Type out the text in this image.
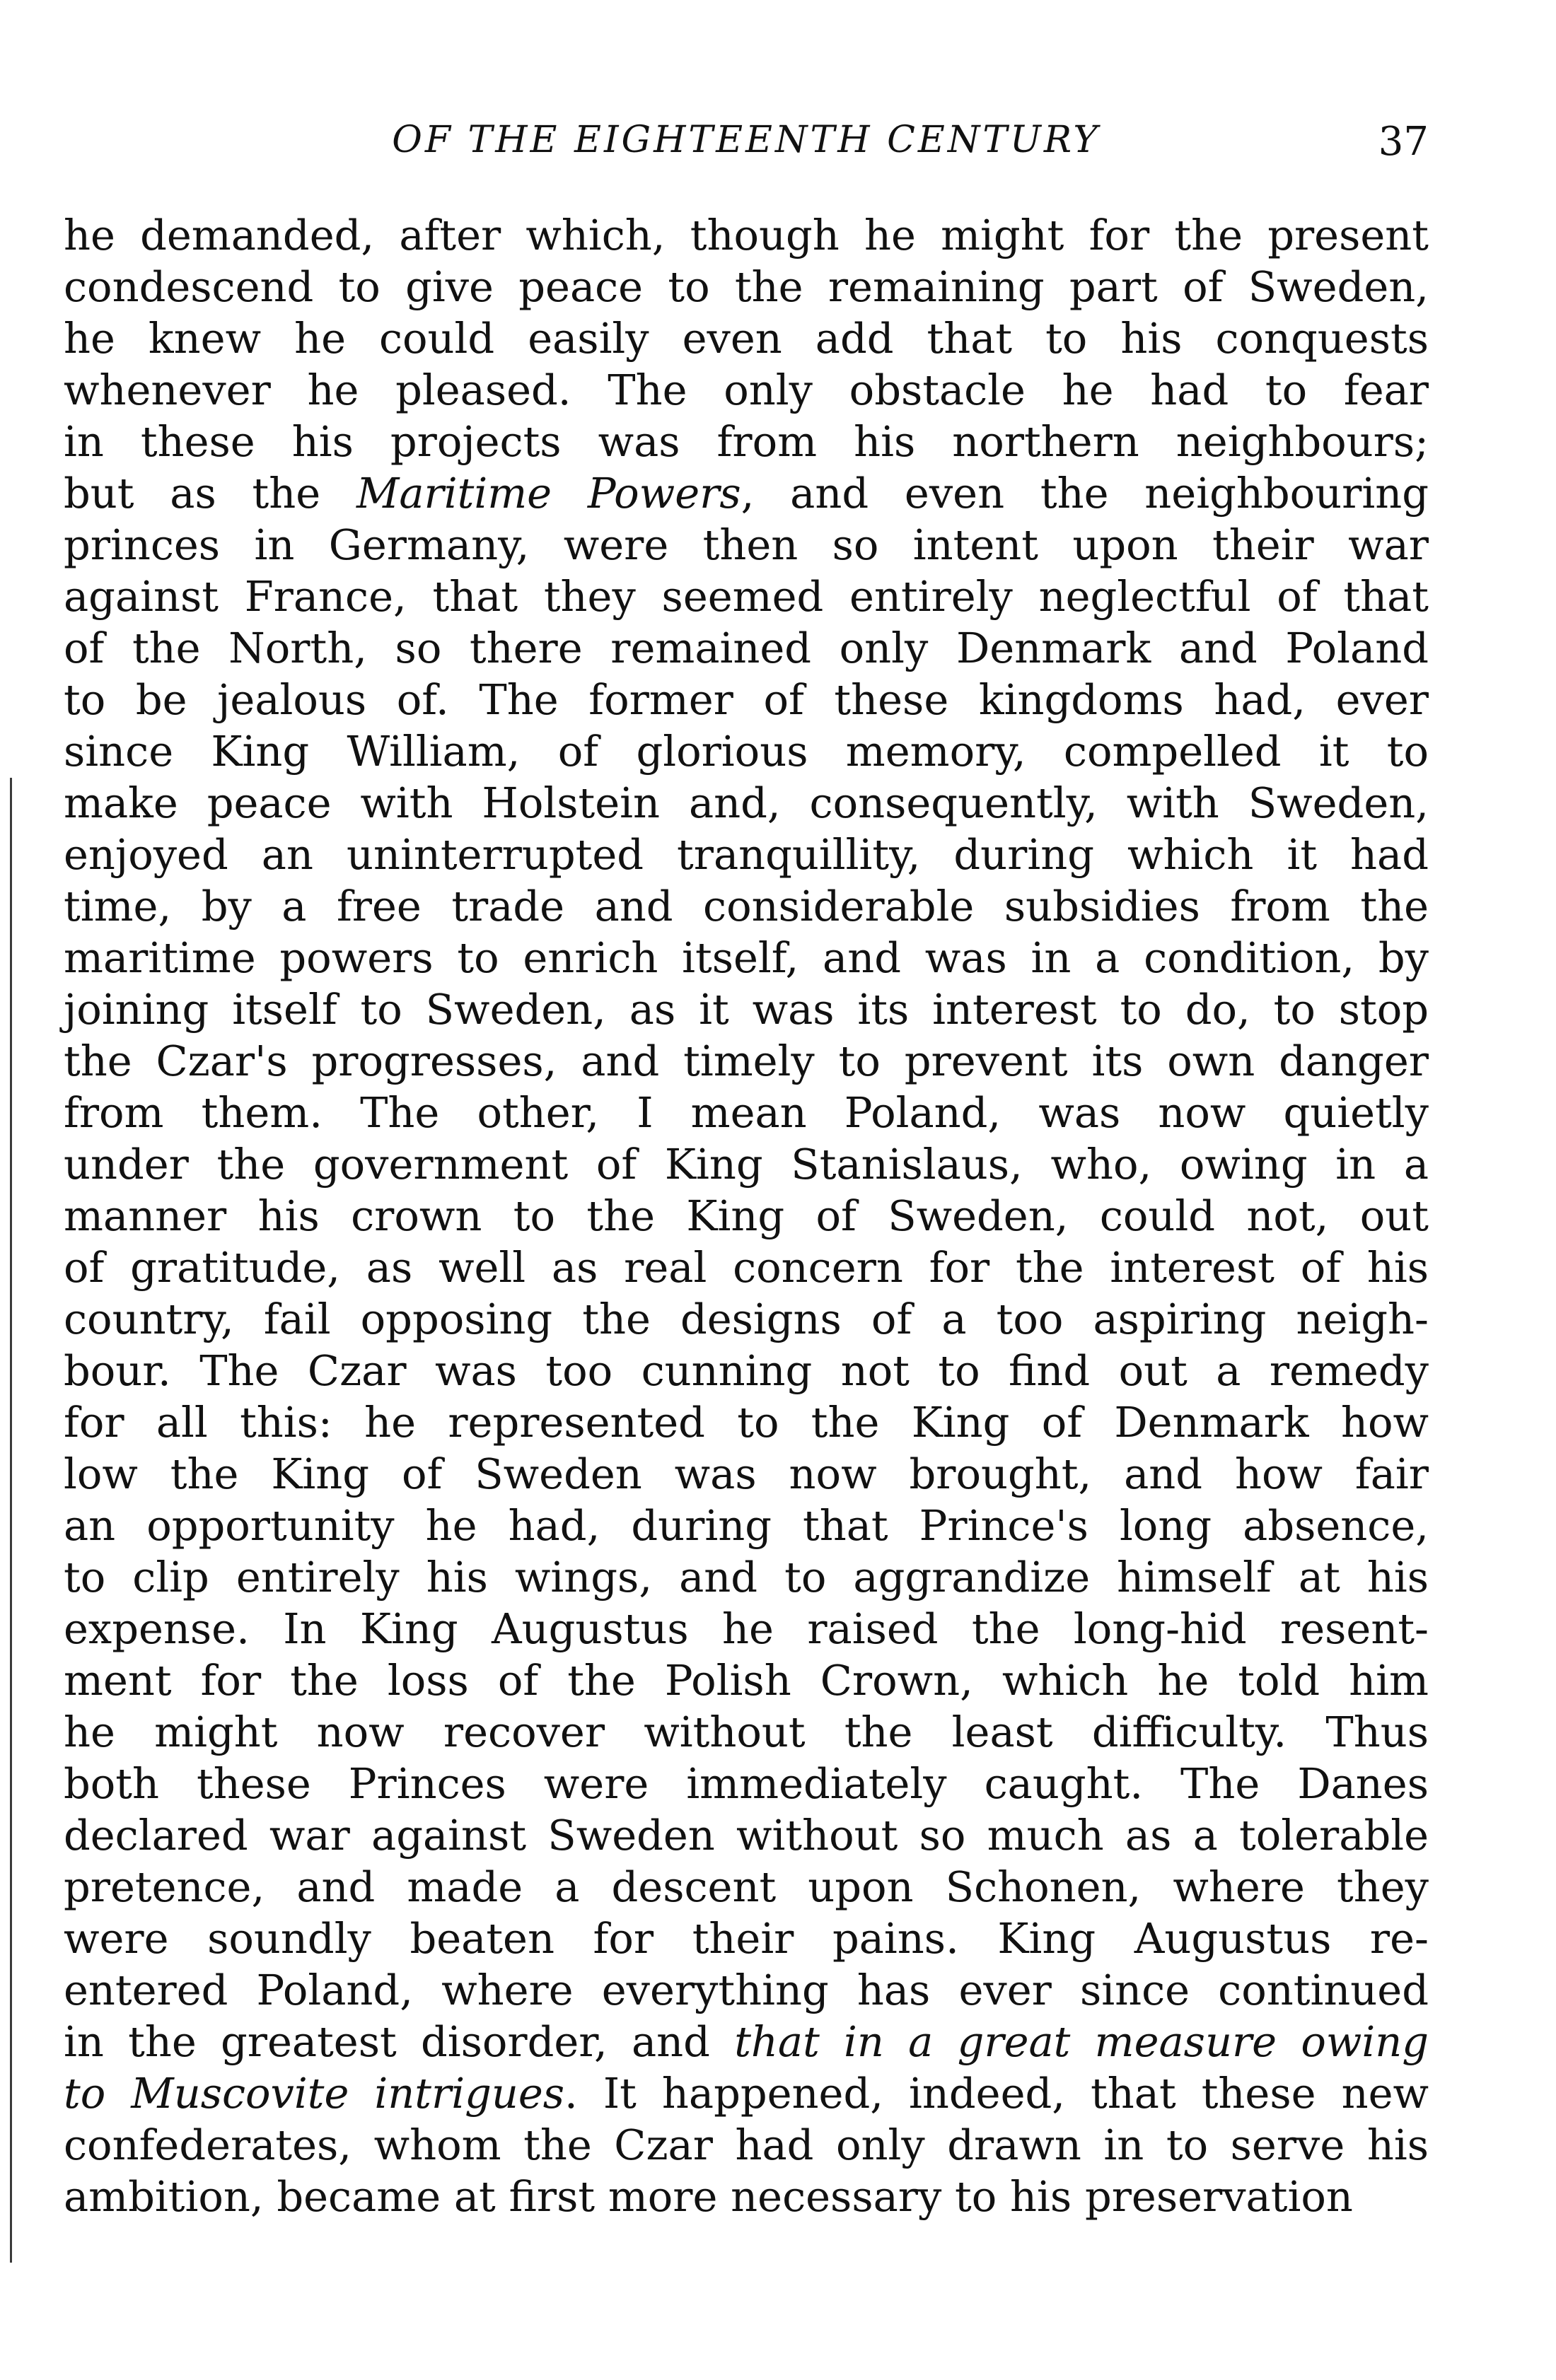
OF THE EIGHTEENTH CENTURY	37
he demanded, after which, though he might for the present
condescend to give peace to the remaining part of Sweden,
he knew he could easily even add that to his conquests
whenever he pleased. The only obstacle he had to fear
in these his projects was from his northern neighbours;
but as the Maritime Powers, and even the neighbouring
princes in Germany, were then so intent upon their war
against France, that they seemed entirely neglectful of that
of the North, so there remained only Denmark and Poland
to be jealous of. The former of these kingdoms had, ever
since King William, of glorious memory, compelled it to
make peace with Holstein and, consequently, with Sweden,
enjoyed an uninterrupted tranquillity, during which it had
time, by a free trade and considerable subsidies from the
maritime powers to enrich itself, and was in a condition, by
joining itself to Sweden, as it was its interest to do, to stop
the Czar's progresses, and timely to prevent its own danger
from them. The other, I mean Poland, was now quietly
under the government of King Stanislaus, who, owing in a
manner his crown to the King of Sweden, could not, out
of gratitude, as well as real concern for the interest of his
country, fail opposing the designs of a too aspiring neigh-
bour. The Czar was too cunning not to find out a remedy
for all this: he represented to the King of Denmark how
low the King of Sweden was now brought, and how fair
an opportunity he had, during that Prince's long absence,
to clip entirely his wings, and to aggrandize himself at his
expense. In King Augustus he raised the long-hid resent-
ment for the loss of the Polish Crown, which he told him
he might now recover without the least difficulty. Thus
both these Princes were immediately caught. The Danes
declared war against Sweden without so much as a tolerable
pretence, and made a descent upon Schonen, where they
were soundly beaten for their pains. King Augustus re-
entered Poland, where everything has ever since continued
in the greatest disorder, and that in a great measure owing
to Muscovite intrigues. It happened, indeed, that these new
confederates, whom the Czar had only drawn in to serve his
ambition, became at first more necessary to his preservation
